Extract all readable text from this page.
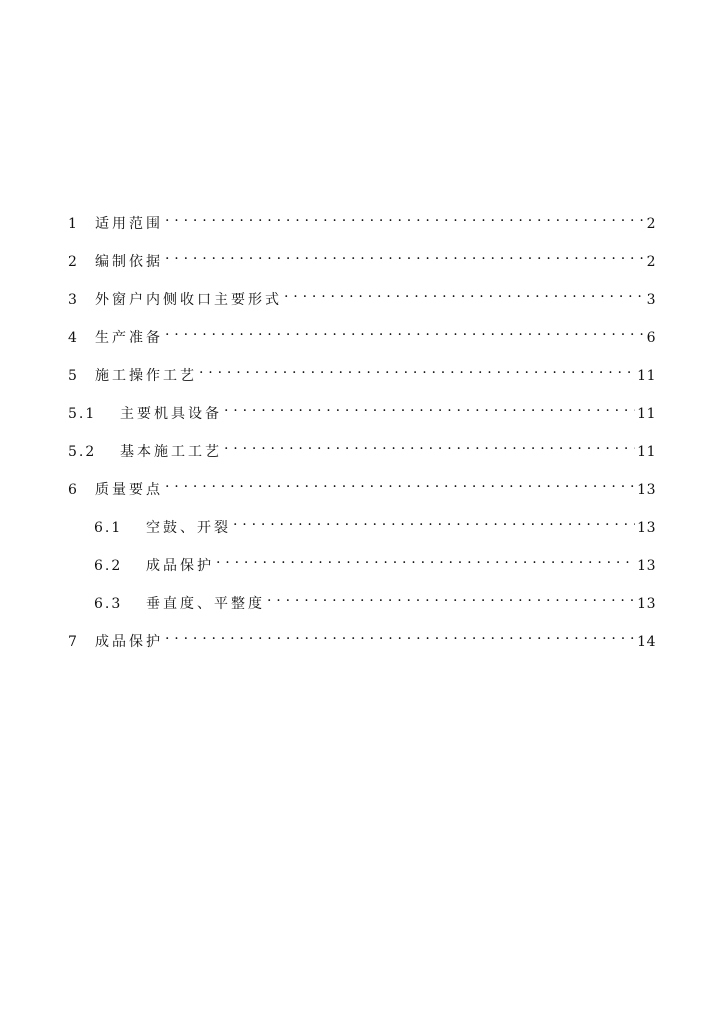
1	适用范围 . . .	2
2	编制依据 . . .	2
3	外窗户内侧收口主要形式 . . .	3
4	生产准备 . . .	6
5	施工操作工艺 . . .	11
5.1	主要机具设备 . . .	11
5.2	基本施工工艺 . . .	11
6	质量要点 . . .	13
6.1	空鼓、开裂 . . .	13
6.2	成品保护 . . .	13
6.3	垂直度、平整度 . . .	13
7	成品保护 . . .	14
